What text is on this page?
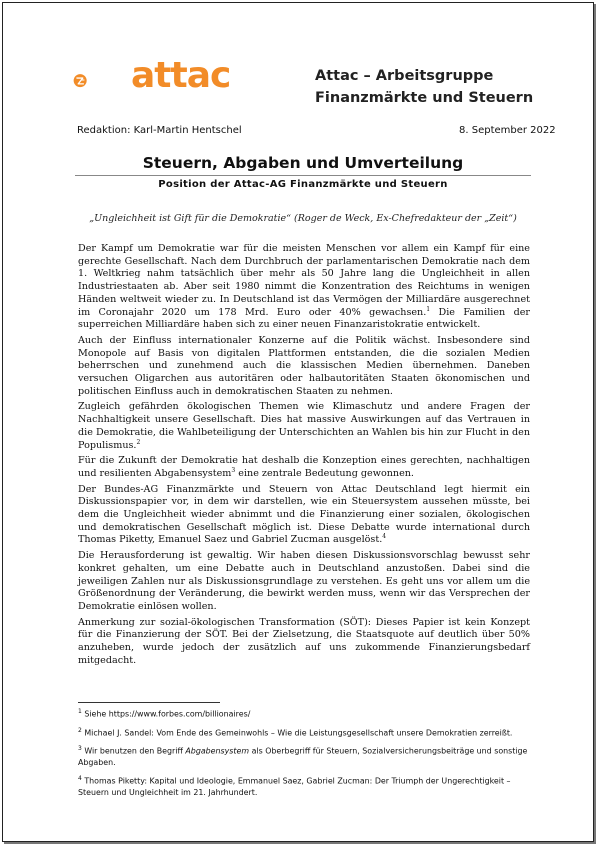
attac	Attac – Arbeitsgruppe
Finanzmärkte und Steuern
Redaktion: Karl-Martin Hentschel	8. September 2022
Steuern, Abgaben und Umverteilung
Position der Attac-AG Finanzmärkte und Steuern
„Ungleichheit ist Gift für die Demokratie“ (Roger de Weck, Ex-Chefredakteur der „Zeit“)

Der Kampf um Demokratie war für die meisten Menschen vor allem ein Kampf für eine gerechte Gesellschaft. Nach dem Durchbruch der parlamentarischen Demokratie nach dem 1. Weltkrieg nahm tatsächlich über mehr als 50 Jahre lang die Ungleichheit in allen Industriestaaten ab. Aber seit 1980 nimmt die Konzentration des Reichtums in wenigen Händen weltweit wieder zu. In Deutschland ist das Vermögen der Milliardäre ausgerechnet im Coronajahr 2020 um 178 Mrd. Euro oder 40% gewachsen.$^1$ Die Familien der superreichen Milliardäre haben sich zu einer neuen Finanzaristokratie entwickelt.

Auch der Einfluss internationaler Konzerne auf die Politik wächst. Insbesondere sind Monopole auf Basis von digitalen Plattformen entstanden, die die sozialen Medien beherrschen und zunehmend auch die klassischen Medien übernehmen. Daneben versuchen Oligarchen aus autoritären oder halbautoritäten Staaten ökonomischen und politischen Einfluss auch in demokratischen Staaten zu nehmen.

Zugleich gefährden ökologischen Themen wie Klimaschutz und andere Fragen der Nachhaltigkeit unsere Gesellschaft. Dies hat massive Auswirkungen auf das Vertrauen in die Demokratie, die Wahlbeteiligung der Unterschichten an Wahlen bis hin zur Flucht in den Populismus.$^2$

Für die Zukunft der Demokratie hat deshalb die Konzeption eines gerechten, nachhaltigen und resilienten Abgabensystem$^3$ eine zentrale Bedeutung gewonnen.

Der Bundes-AG Finanzmärkte und Steuern von Attac Deutschland legt hiermit ein Diskussionspapier vor, in dem wir darstellen, wie ein Steuersystem aussehen müsste, bei dem die Ungleichheit wieder abnimmt und die Finanzierung einer sozialen, ökologischen und demokratischen Gesellschaft möglich ist. Diese Debatte wurde international durch Thomas Piketty, Emanuel Saez und Gabriel Zucman ausgelöst.$^4$

Die Herausforderung ist gewaltig. Wir haben diesen Diskussionsvorschlag bewusst sehr konkret gehalten, um eine Debatte auch in Deutschland anzustoßen. Dabei sind die jeweiligen Zahlen nur als Diskussionsgrundlage zu verstehen. Es geht uns vor allem um die Größenordnung der Veränderung, die bewirkt werden muss, wenn wir das Versprechen der Demokratie einlösen wollen.

Anmerkung zur sozial-ökologischen Transformation (SÖT): Dieses Papier ist kein Konzept für die Finanzierung der SÖT. Bei der Zielsetzung, die Staatsquote auf deutlich über 50% anzuheben, wurde jedoch der zusätzlich auf uns zukommende Finanzierungsbedarf mitgedacht.

$^1$ Siehe https://www.forbes.com/billionaires/

$^2$ Michael J. Sandel: Vom Ende des Gemeinwohls – Wie die Leistungsgesellschaft unsere Demokratien zerreißt.

$^3$ Wir benutzen den Begriff Abgabensystem als Oberbegriff für Steuern, Sozialversicherungsbeiträge und sonstige Abgaben.

$^4$ Thomas Piketty: Kapital und Ideologie, Emmanuel Saez, Gabriel Zucman: Der Triumph der Ungerechtigkeit – Steuern und Ungleichheit im 21. Jahrhundert.
